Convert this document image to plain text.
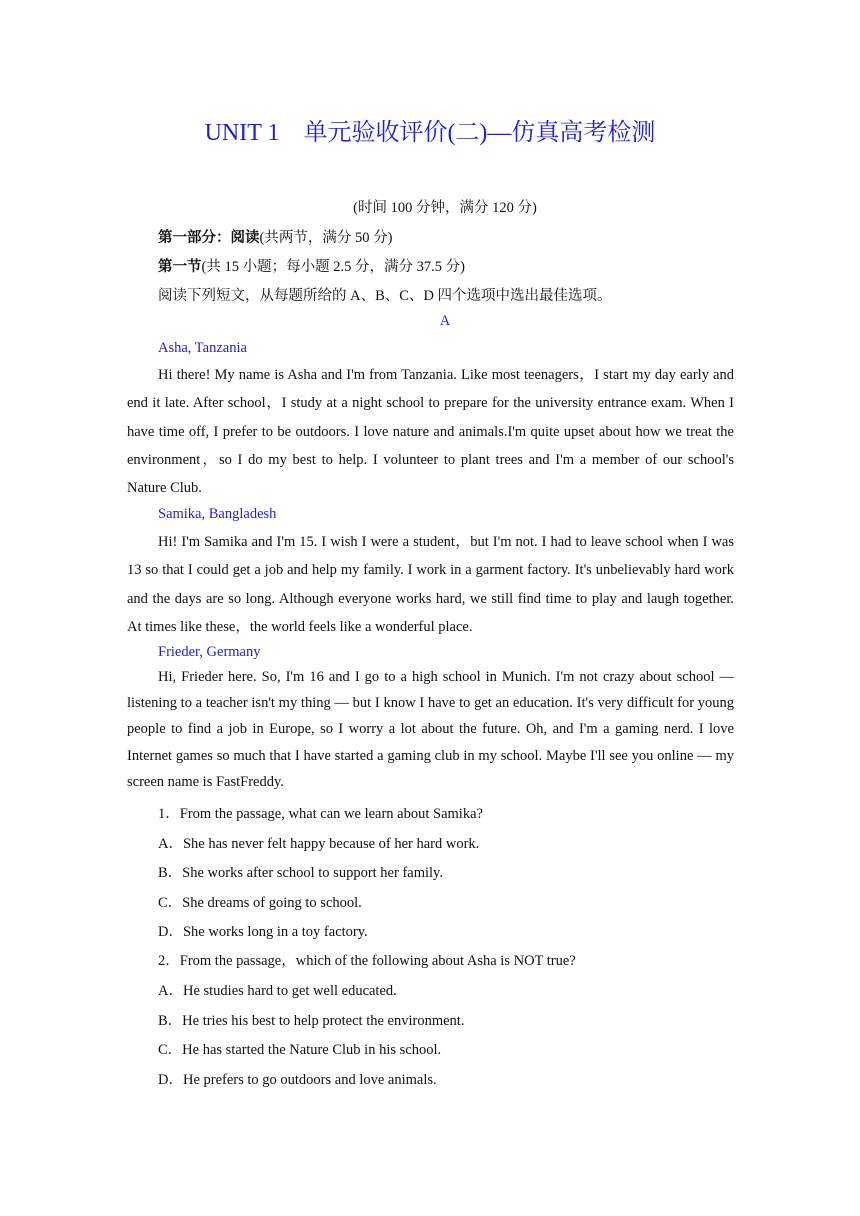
UNIT 1　单元验收评价(二)—仿真高考检测
(时间 100 分钟，满分 120 分)
第一部分：阅读(共两节，满分 50 分)
第一节(共 15 小题；每小题 2.5 分，满分 37.5 分)
阅读下列短文，从每题所给的 A、B、C、D 四个选项中选出最佳选项。
A
Asha, Tanzania

Hi there! My name is Asha and I'm from Tanzania. Like most teenagers，I start my day early and end it late. After school，I study at a night school to prepare for the university entrance exam. When I have time off, I prefer to be outdoors. I love nature and animals.I'm quite upset about how we treat the environment，so I do my best to help. I volunteer to plant trees and I'm a member of our school's Nature Club.

Samika, Bangladesh

Hi! I'm Samika and I'm 15. I wish I were a student，but I'm not. I had to leave school when I was 13 so that I could get a job and help my family. I work in a garment factory. It's unbelievably hard work and the days are so long. Although everyone works hard, we still find time to play and laugh together. At times like these，the world feels like a wonderful place.

Frieder, Germany

Hi, Frieder here. So, I'm 16 and I go to a high school in Munich. I'm not crazy about school — listening to a teacher isn't my thing — but I know I have to get an education. It's very difficult for young people to find a job in Europe, so I worry a lot about the future. Oh, and I'm a gaming nerd. I love Internet games so much that I have started a gaming club in my school. Maybe I'll see you online — my screen name is FastFreddy.

1．From the passage, what can we learn about Samika?
A．She has never felt happy because of her hard work.
B．She works after school to support her family.
C．She dreams of going to school.
D．She works long in a toy factory.
2．From the passage，which of the following about Asha is NOT true?
A．He studies hard to get well educated.
B．He tries his best to help protect the environment.
C．He has started the Nature Club in his school.
D．He prefers to go outdoors and love animals.
